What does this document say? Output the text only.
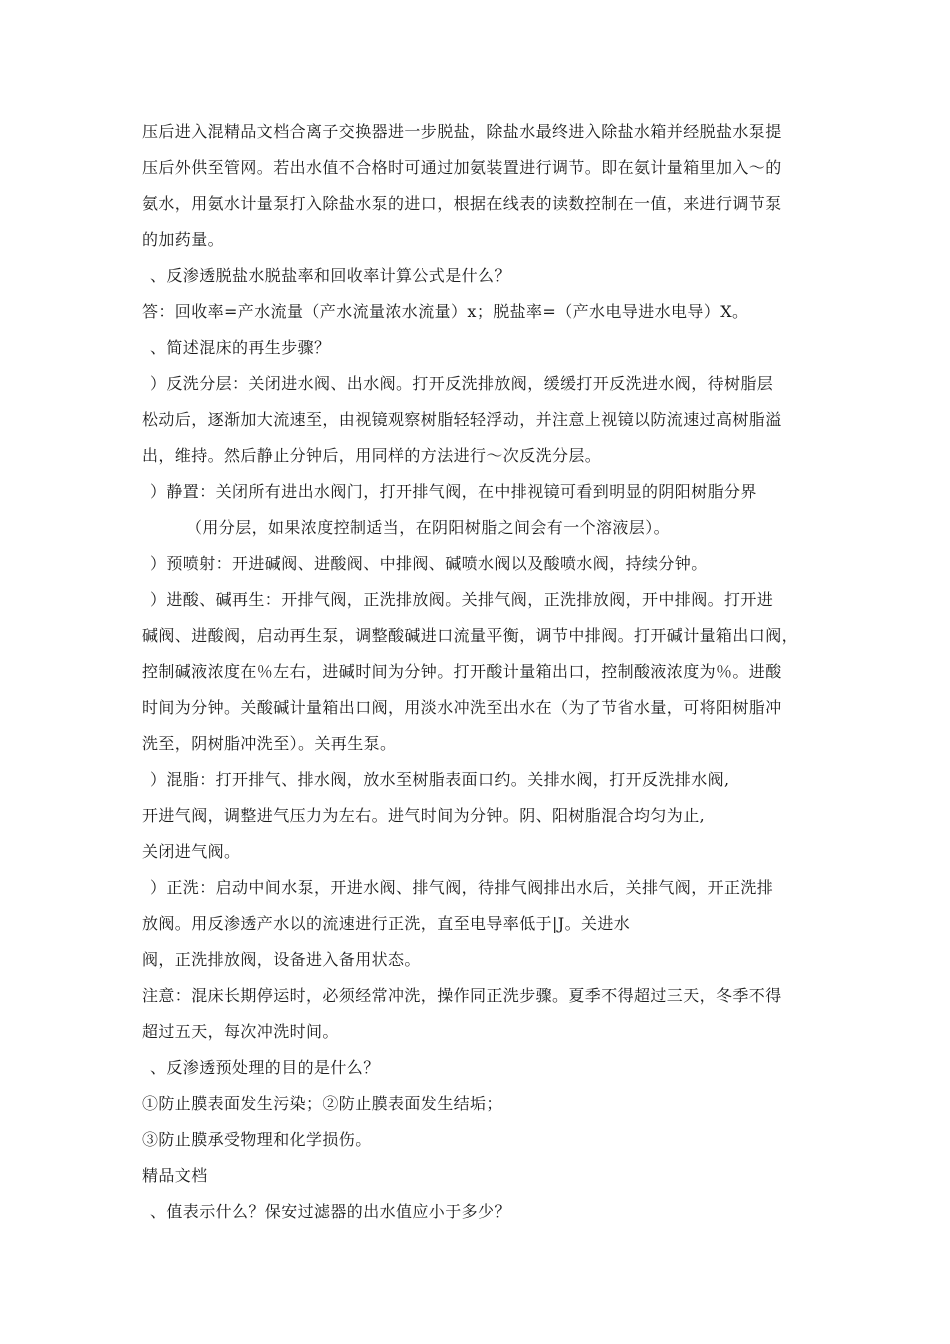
压后进入混精品文档合离子交换器进一步脱盐，除盐水最终进入除盐水箱并经脱盐水泵提
压后外供至管网。若出水值不合格时可通过加氨装置进行调节。即在氨计量箱里加入～的
氨水，用氨水计量泵打入除盐水泵的进口，根据在线表的读数控制在一值，来进行调节泵
的加药量。
、反渗透脱盐水脱盐率和回收率计算公式是什么？
答：回收率=产水流量（产水流量浓水流量）x；脱盐率=（产水电导进水电导）X。
、简述混床的再生步骤？
）反洗分层：关闭进水阀、出水阀。打开反洗排放阀，缓缓打开反洗进水阀，待树脂层
松动后，逐渐加大流速至，由视镜观察树脂轻轻浮动，并注意上视镜以防流速过高树脂溢
出，维持。然后静止分钟后，用同样的方法进行～次反洗分层。
）静置：关闭所有进出水阀门，打开排气阀，在中排视镜可看到明显的阴阳树脂分界
（用分层，如果浓度控制适当，在阴阳树脂之间会有一个溶液层）。
）预喷射：开进碱阀、进酸阀、中排阀、碱喷水阀以及酸喷水阀，持续分钟。
）进酸、碱再生：开排气阀，正洗排放阀。关排气阀，正洗排放阀，开中排阀。打开进
碱阀、进酸阀，启动再生泵，调整酸碱进口流量平衡，调节中排阀。打开碱计量箱出口阀，
控制碱液浓度在％左右，进碱时间为分钟。打开酸计量箱出口，控制酸液浓度为％。进酸
时间为分钟。关酸碱计量箱出口阀，用淡水冲洗至出水在（为了节省水量，可将阳树脂冲
洗至，阴树脂冲洗至）。关再生泵。
）混脂：打开排气、排水阀，放水至树脂表面口约。关排水阀，打开反洗排水阀,
开进气阀，调整进气压力为左右。进气时间为分钟。阴、阳树脂混合均匀为止,
关闭进气阀。
）正洗：启动中间水泵，开进水阀、排气阀，待排气阀排出水后，关排气阀，开正洗排
放阀。用反渗透产水以的流速进行正洗，直至电导率低于|J。关进水
阀，正洗排放阀，设备进入备用状态。
注意：混床长期停运时，必须经常冲洗，操作同正洗步骤。夏季不得超过三天，冬季不得
超过五天，每次冲洗时间。
、反渗透预处理的目的是什么？
①防止膜表面发生污染；②防止膜表面发生结垢；
③防止膜承受物理和化学损伤。
精品文档
、值表示什么？保安过滤器的出水值应小于多少？
